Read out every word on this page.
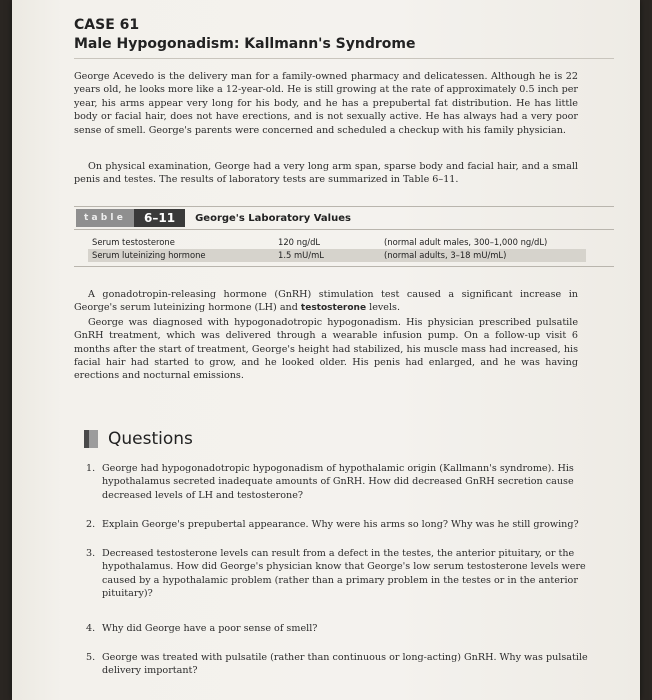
CASE 61
Male Hypogonadism: Kallmann's Syndrome

George Acevedo is the delivery man for a family-owned pharmacy and delicatessen. Although he is 22 years old, he looks more like a 12-year-old. He is still growing at the rate of approximately 0.5 inch per year, his arms appear very long for his body, and he has a prepubertal fat distribution. He has little body or facial hair, does not have erections, and is not sexually active. He has always had a very poor sense of smell. George's parents were concerned and scheduled a checkup with his family physician.

On physical examination, George had a very long arm span, sparse body and facial hair, and a small penis and testes. The results of laboratory tests are summarized in Table 6–11.

table	6–11	George's Laboratory Values
Serum testosterone	120 ng/dL	(normal adult males, 300–1,000 ng/dL)
Serum luteinizing hormone	1.5 mU/mL	(normal adults, 3–18 mU/mL)

A gonadotropin-releasing hormone (GnRH) stimulation test caused a significant increase in George's serum luteinizing hormone (LH) and testosterone levels.

George was diagnosed with hypogonadotropic hypogonadism. His physician prescribed pulsatile GnRH treatment, which was delivered through a wearable infusion pump. On a follow-up visit 6 months after the start of treatment, George's height had stabilized, his muscle mass had increased, his facial hair had started to grow, and he looked older. His penis had enlarged, and he was having erections and nocturnal emissions.

Questions
1. George had hypogonadotropic hypogonadism of hypothalamic origin (Kallmann's syndrome). His hypothalamus secreted inadequate amounts of GnRH. How did decreased GnRH secretion cause decreased levels of LH and testosterone?
2. Explain George's prepubertal appearance. Why were his arms so long? Why was he still growing?
3. Decreased testosterone levels can result from a defect in the testes, the anterior pituitary, or the hypothalamus. How did George's physician know that George's low serum testosterone levels were caused by a hypothalamic problem (rather than a primary problem in the testes or in the anterior pituitary)?
4. Why did George have a poor sense of smell?
5. George was treated with pulsatile (rather than continuous or long-acting) GnRH. Why was pulsatile delivery important?
